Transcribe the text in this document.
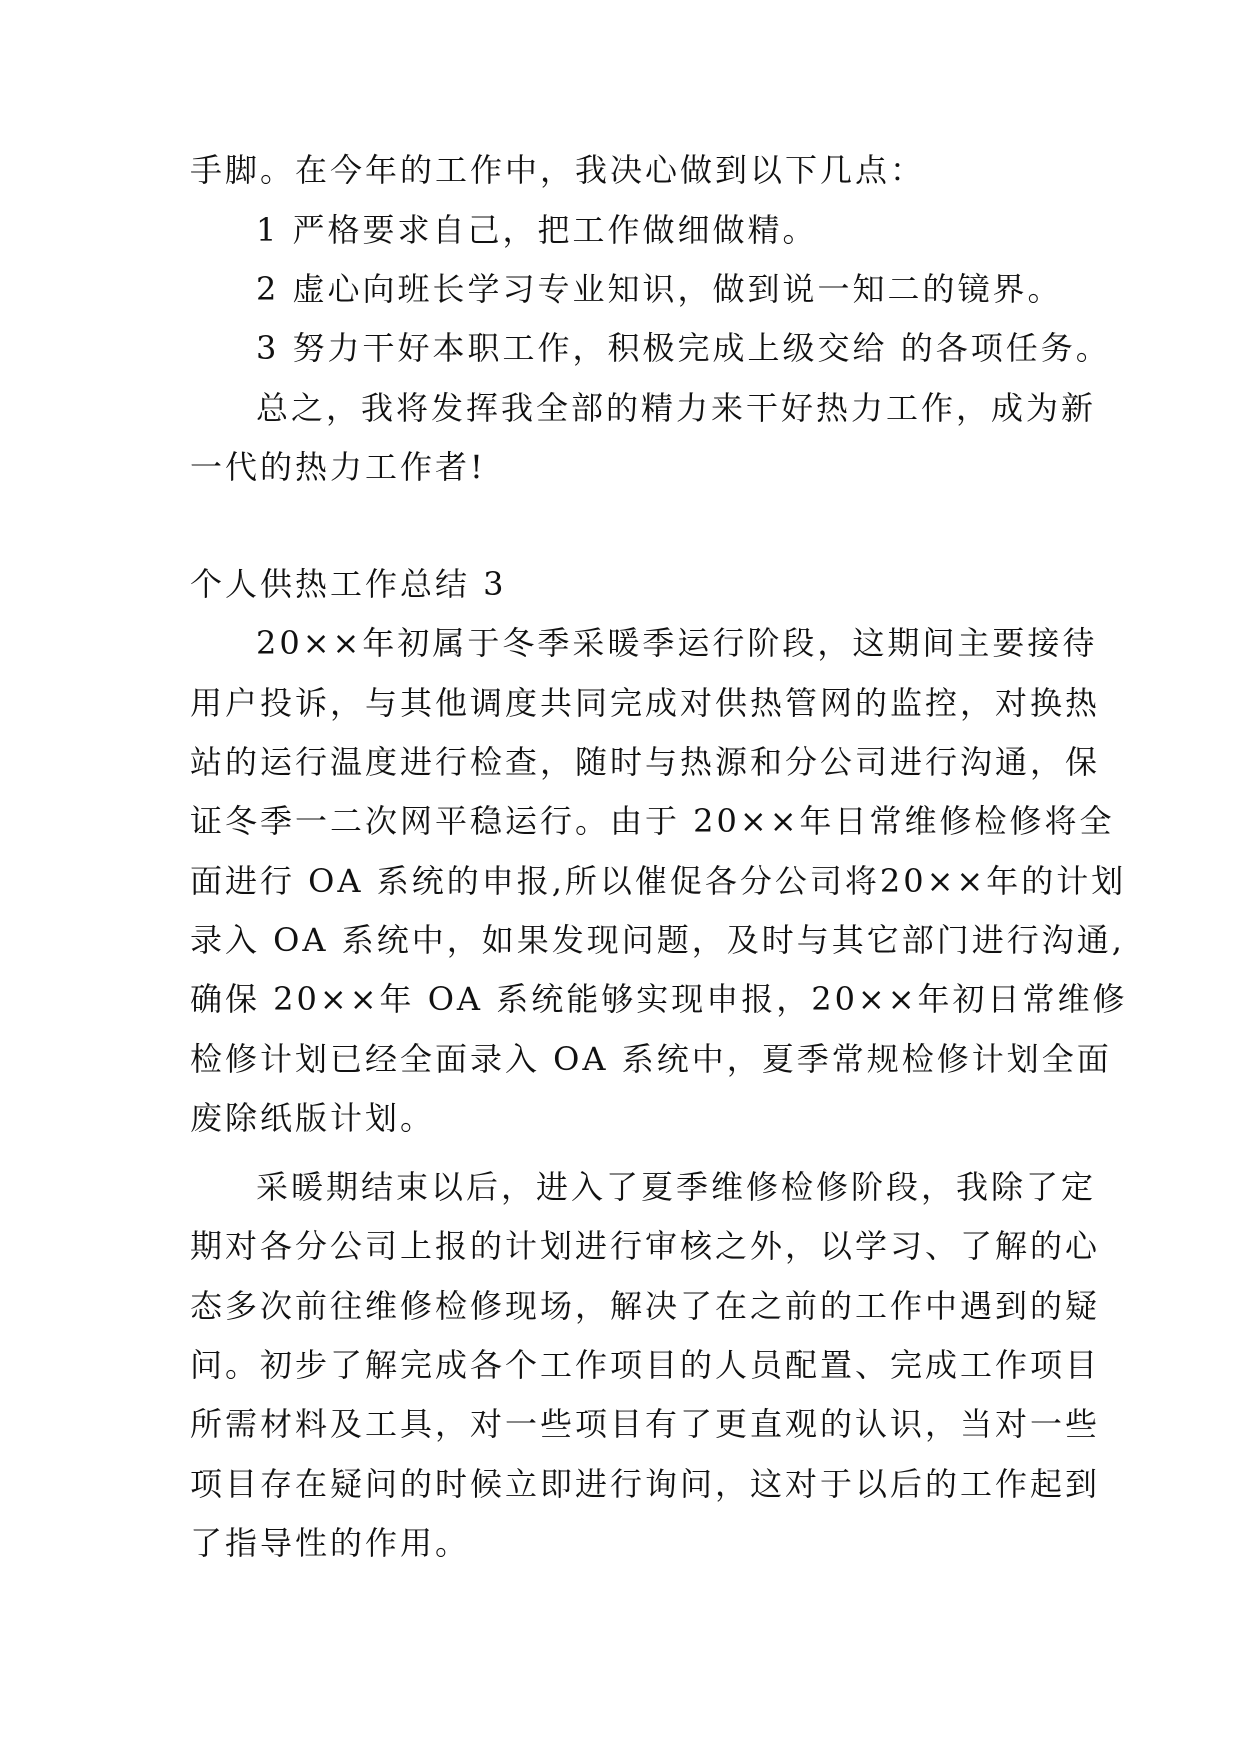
手脚。在今年的工作中，我决心做到以下几点：
1 严格要求自己，把工作做细做精。
2 虚心向班长学习专业知识，做到说一知二的镜界。
3 努力干好本职工作，积极完成上级交给 的各项任务。
总之，我将发挥我全部的精力来干好热力工作，成为新
一代的热力工作者!
个人供热工作总结 3
20××年初属于冬季采暖季运行阶段，这期间主要接待
用户投诉，与其他调度共同完成对供热管网的监控，对换热
站的运行温度进行检查，随时与热源和分公司进行沟通，保
证冬季一二次网平稳运行。由于 20××年日常维修检修将全
面进行 OA 系统的申报,所以催促各分公司将20××年的计划
录入 OA 系统中，如果发现问题，及时与其它部门进行沟通,
确保 20××年 OA 系统能够实现申报，20××年初日常维修
检修计划已经全面录入 OA 系统中，夏季常规检修计划全面
废除纸版计划。
采暖期结束以后，进入了夏季维修检修阶段，我除了定
期对各分公司上报的计划进行审核之外，以学习、了解的心
态多次前往维修检修现场，解决了在之前的工作中遇到的疑
问。初步了解完成各个工作项目的人员配置、完成工作项目
所需材料及工具，对一些项目有了更直观的认识，当对一些
项目存在疑问的时候立即进行询问，这对于以后的工作起到
了指导性的作用。
